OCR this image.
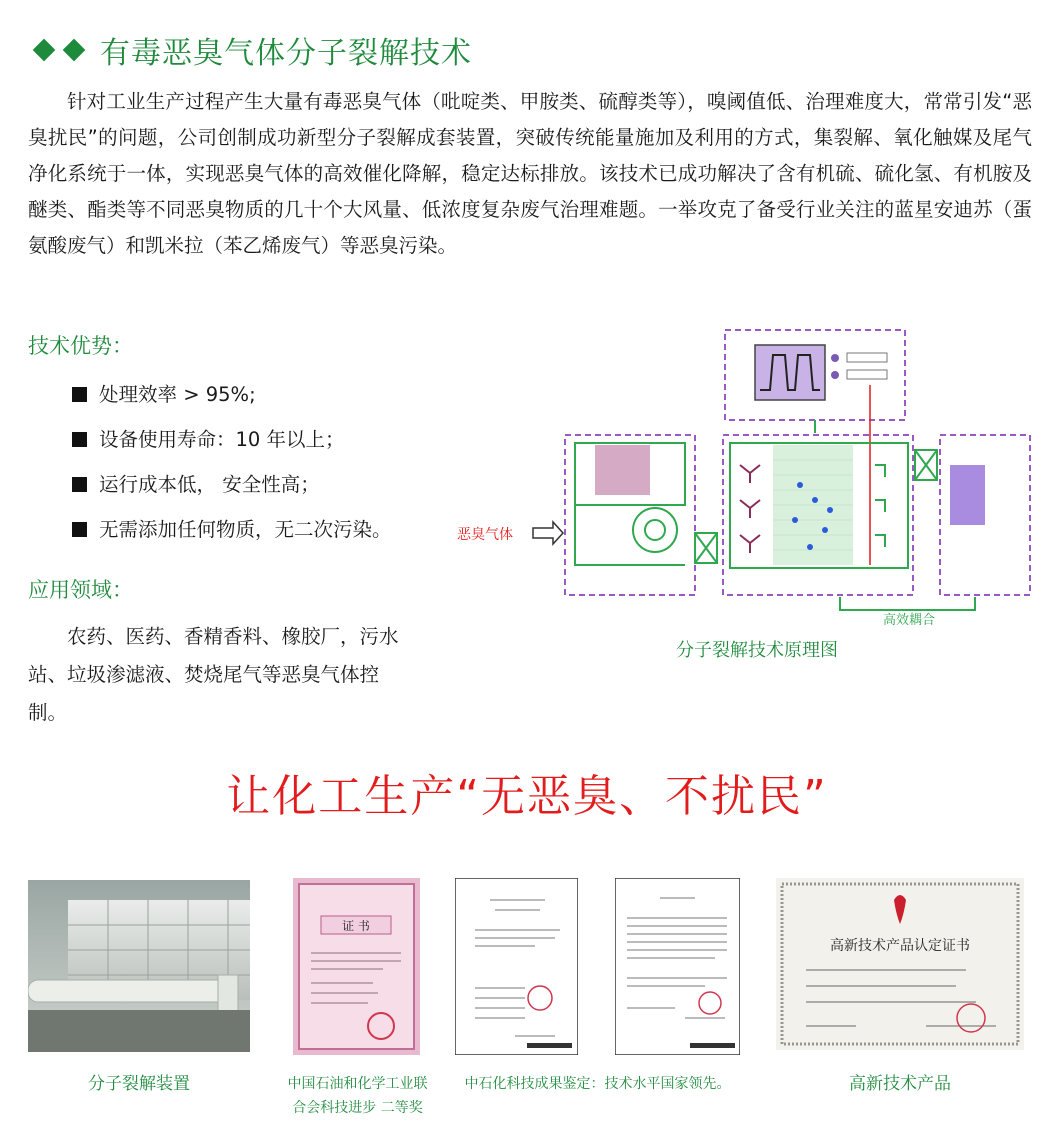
有毒恶臭气体分子裂解技术
针对工业生产过程产生大量有毒恶臭气体（吡啶类、甲胺类、硫醇类等），嗅阈值低、治理难度大，常常引发“恶臭扰民”的问题，公司创制成功新型分子裂解成套装置，突破传统能量施加及利用的方式，集裂解、氧化触媒及尾气净化系统于一体，实现恶臭气体的高效催化降解，稳定达标排放。该技术已成功解决了含有机硫、硫化氢、有机胺及醚类、酯类等不同恶臭物质的几十个大风量、低浓度复杂废气治理难题。一举攻克了备受行业关注的蓝星安迪苏（蛋氨酸废气）和凯米拉（苯乙烯废气）等恶臭污染。
技术优势：
处理效率 > 95%;
设备使用寿命：10 年以上；
运行成本低， 安全性高；
无需添加任何物质，无二次污染。
应用领域：
农药、医药、香精香料、橡胶厂，污水站、垃圾渗滤液、焚烧尾气等恶臭气体控制。
恶臭气体
高效耦合
分子裂解技术原理图
让化工生产“无恶臭、不扰民”
证 书
高新技术产品认定证书
分子裂解装置	中国石油和化学工业联
合会科技进步 二等奖
中石化科技成果鉴定：技术水平国家领先。	高新技术产品
